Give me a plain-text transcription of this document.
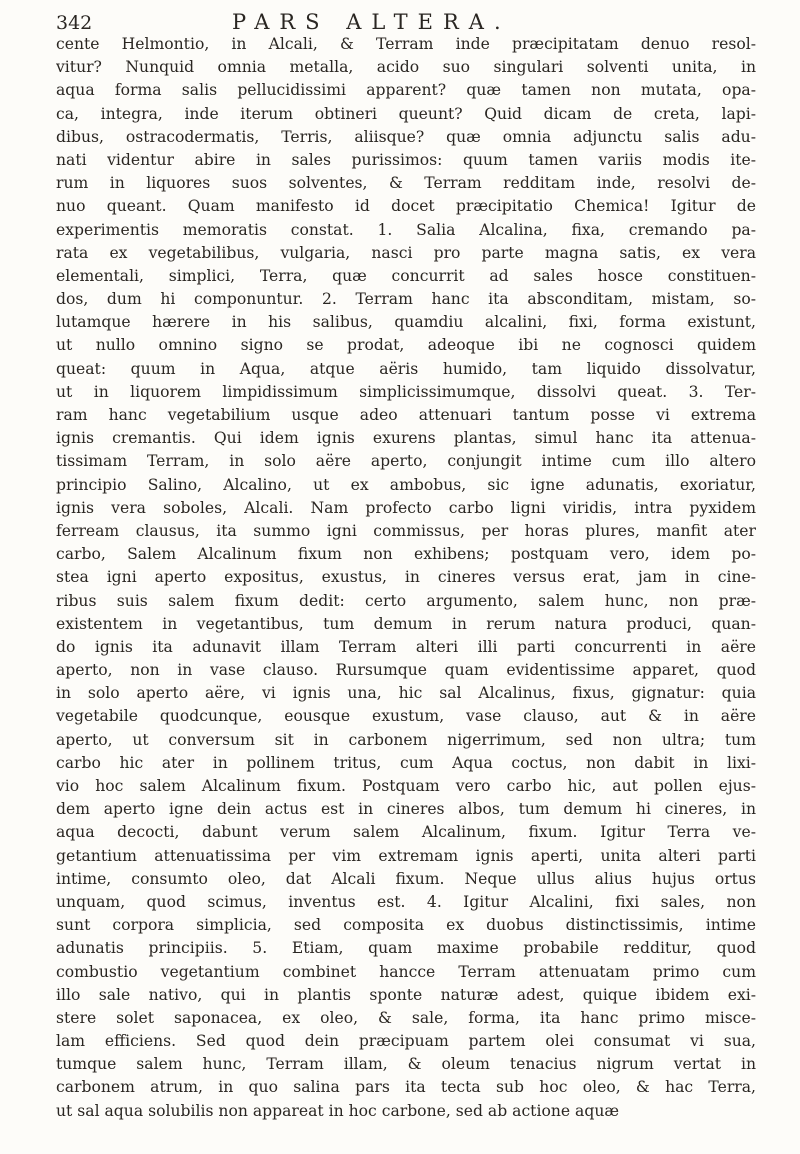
342	PARS ALTERA.
cente Helmontio, in Alcali, & Terram inde præcipitatam denuo resol-
vitur? Nunquid omnia metalla, acido suo singulari solventi unita, in
aqua forma salis pellucidissimi apparent? quæ tamen non mutata, opa-
ca, integra, inde iterum obtineri queunt? Quid dicam de creta, lapi-
dibus, ostracodermatis, Terris, aliisque? quæ omnia adjunctu salis adu-
nati videntur abire in sales purissimos: quum tamen variis modis ite-
rum in liquores suos solventes, & Terram redditam inde, resolvi de-
nuo queant. Quam manifesto id docet præcipitatio Chemica! Igitur de
experimentis memoratis constat. 1. Salia Alcalina, fixa, cremando pa-
rata ex vegetabilibus, vulgaria, nasci pro parte magna satis, ex vera
elementali, simplici, Terra, quæ concurrit ad sales hosce constituen-
dos, dum hi componuntur. 2. Terram hanc ita absconditam, mistam, so-
lutamque hærere in his salibus, quamdiu alcalini, fixi, forma existunt,
ut nullo omnino signo se prodat, adeoque ibi ne cognosci quidem
queat: quum in Aqua, atque aëris humido, tam liquido dissolvatur,
ut in liquorem limpidissimum simplicissimumque, dissolvi queat. 3. Ter-
ram hanc vegetabilium usque adeo attenuari tantum posse vi extrema
ignis cremantis. Qui idem ignis exurens plantas, simul hanc ita attenua-
tissimam Terram, in solo aëre aperto, conjungit intime cum illo altero
principio Salino, Alcalino, ut ex ambobus, sic igne adunatis, exoriatur,
ignis vera soboles, Alcali. Nam profecto carbo ligni viridis, intra pyxidem
ferream clausus, ita summo igni commissus, per horas plures, manfit ater
carbo, Salem Alcalinum fixum non exhibens; postquam vero, idem po-
stea igni aperto expositus, exustus, in cineres versus erat, jam in cine-
ribus suis salem fixum dedit: certo argumento, salem hunc, non præ-
existentem in vegetantibus, tum demum in rerum natura produci, quan-
do ignis ita adunavit illam Terram alteri illi parti concurrenti in aëre
aperto, non in vase clauso. Rursumque quam evidentissime apparet, quod
in solo aperto aëre, vi ignis una, hic sal Alcalinus, fixus, gignatur: quia
vegetabile quodcunque, eousque exustum, vase clauso, aut & in aëre
aperto, ut conversum sit in carbonem nigerrimum, sed non ultra; tum
carbo hic ater in pollinem tritus, cum Aqua coctus, non dabit in lixi-
vio hoc salem Alcalinum fixum. Postquam vero carbo hic, aut pollen ejus-
dem aperto igne dein actus est in cineres albos, tum demum hi cineres, in
aqua decocti, dabunt verum salem Alcalinum, fixum. Igitur Terra ve-
getantium attenuatissima per vim extremam ignis aperti, unita alteri parti
intime, consumto oleo, dat Alcali fixum. Neque ullus alius hujus ortus
unquam, quod scimus, inventus est. 4. Igitur Alcalini, fixi sales, non
sunt corpora simplicia, sed composita ex duobus distinctissimis, intime
adunatis principiis. 5. Etiam, quam maxime probabile redditur, quod
combustio vegetantium combinet hancce Terram attenuatam primo cum
illo sale nativo, qui in plantis sponte naturæ adest, quique ibidem exi-
stere solet saponacea, ex oleo, & sale, forma, ita hanc primo misce-
lam efficiens. Sed quod dein præcipuam partem olei consumat vi sua,
tumque salem hunc, Terram illam, & oleum tenacius nigrum vertat in
carbonem atrum, in quo salina pars ita tecta sub hoc oleo, & hac Terra,
ut sal aqua solubilis non appareat in hoc carbone, sed ab actione aquæ
